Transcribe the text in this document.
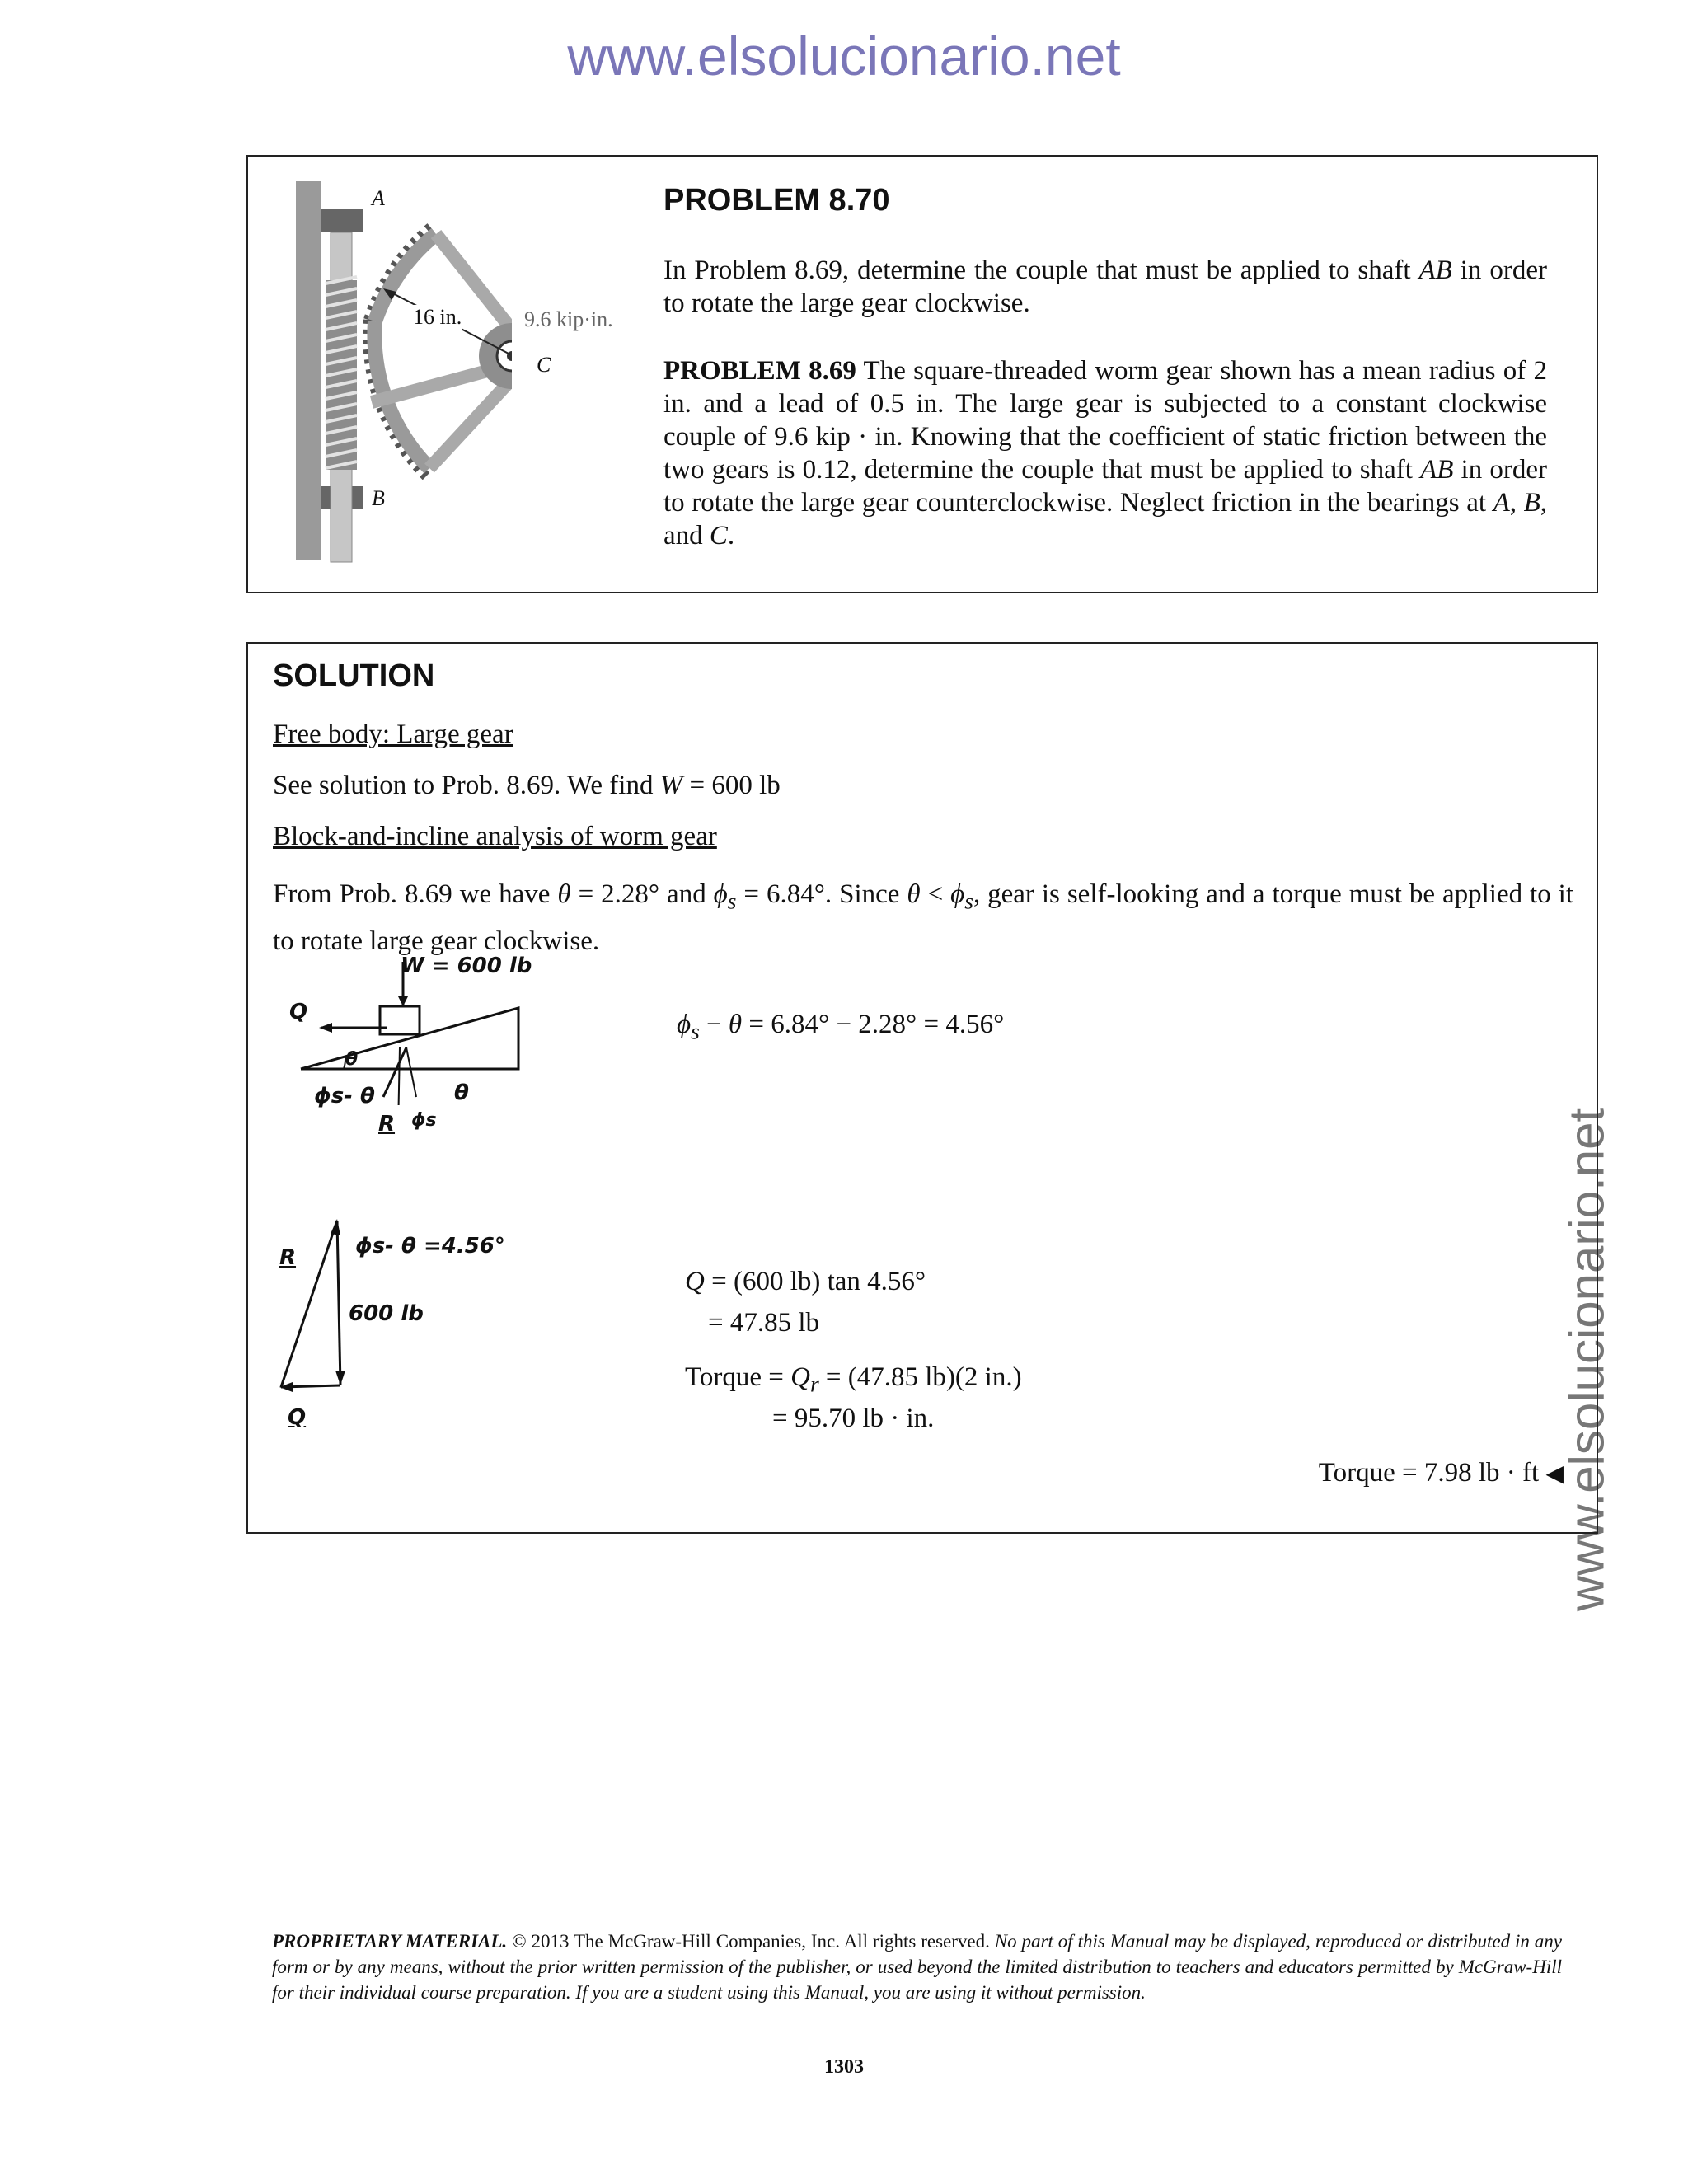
www.elsolucionario.net
www.elsolucionario.net
A
B
C
16 in.	9.6 kip·in.
PROBLEM 8.70
In Problem 8.69, determine the couple that must be applied to shaft AB in order to rotate the large gear clockwise.
PROBLEM 8.69 The square-threaded worm gear shown has a mean radius of 2 in. and a lead of 0.5 in. The large gear is subjected to a constant clockwise couple of 9.6 kip · in. Knowing that the coefficient of static friction between the two gears is 0.12, determine the couple that must be applied to shaft AB in order to rotate the large gear counterclockwise. Neglect friction in the bearings at A, B, and C.
SOLUTION
Free body: Large gear
See solution to Prob. 8.69. We find W = 600 lb
Block-and-incline analysis of worm gear
From Prob. 8.69 we have θ = 2.28° and $\phi_s = 6.84^\circ$. Since $\theta < \phi_s$, gear is self-looking and a torque must be applied to it to rotate large gear clockwise.
W = 600 lb
Q
θ
ϕs- θ	θ
R ϕs
$\phi_s - \theta = 6.84^\circ - 2.28^\circ = 4.56^\circ$
R	ϕs- θ =4.56°
600 lb
Q
Q = (600 lb) tan 4.56°
= 47.85 lb
Torque = $Q_r = (47.85$ lb)(2 in.)
= 95.70 lb · in.
Torque = 7.98 lb · ft ◀
PROPRIETARY MATERIAL. © 2013 The McGraw-Hill Companies, Inc. All rights reserved. No part of this Manual may be displayed, reproduced or distributed in any form or by any means, without the prior written permission of the publisher, or used beyond the limited distribution to teachers and educators permitted by McGraw-Hill for their individual course preparation. If you are a student using this Manual, you are using it without permission.
1303
